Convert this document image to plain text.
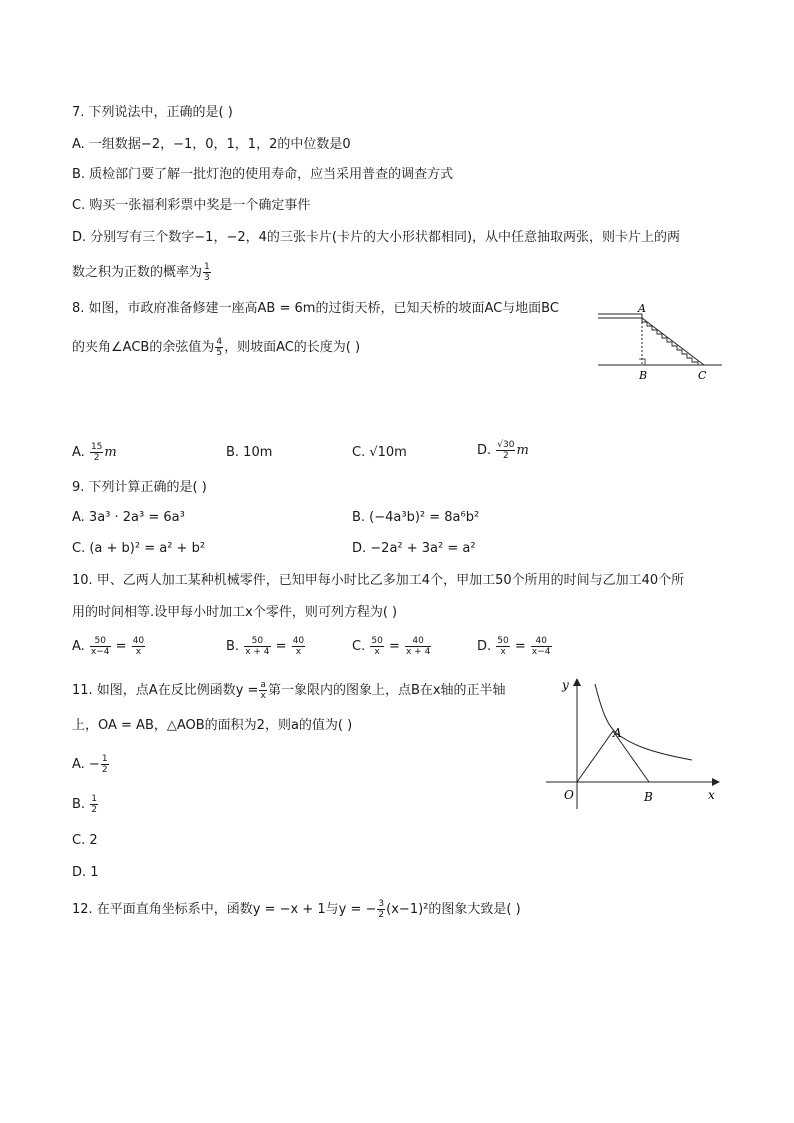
7. 下列说法中，正确的是( )
A. 一组数据−2，−1，0，1，1，2的中位数是0
B. 质检部门要了解一批灯泡的使用寿命，应当采用普查的调查方式
C. 购买一张福利彩票中奖是一个确定事件
D. 分别写有三个数字−1，−2，4的三张卡片(卡片的大小形状都相同)，从中任意抽取两张，则卡片上的两
数之积为正数的概率为 $\frac{1}{3}$
8. 如图，市政府准备修建一座高AB = 6m的过街天桥，已知天桥的坡面AC与地面BC
的夹角∠ACB的余弦值为 $\frac{4}{5}$ ，则坡面AC的长度为( )
A
B	C
A. $\frac{15}{2}$ m	B. 10m	C. √10m	D. $\frac{√30}{2}$ m
9. 下列计算正确的是( )
A. 3a³ · 2a³ = 6a³	B. (−4a³b)² = 8a⁶b²
C. (a + b)² = a² + b²	D. −2a² + 3a² = a²
10. 甲、乙两人加工某种机械零件，已知甲每小时比乙多加工4个，甲加工50个所用的时间与乙加工40个所
用的时间相等.设甲每小时加工x个零件，则可列方程为( )
A. $\frac{50}{x-4} = \frac{40}{x}$	B. $\frac{50}{x + 4} = \frac{40}{x}$	C. $\frac{50}{x} = \frac{40}{x + 4}$	D. $\frac{50}{x} = \frac{40}{x-4}$
11. 如图，点A在反比例函数$y = \frac{a}{x}$ 第一象限内的图象上，点B在x轴的正半轴
上，OA = AB，△AOB的面积为2，则a的值为( )
A. − $\frac{1}{2}$
B. $\frac{1}{2}$
C. 2
D. 1
y
x
O
A
B
12. 在平面直角坐标系中，函数y = −x + 1与y = − $\frac{3}{2} (x-1)^2$的图象大致是( )
